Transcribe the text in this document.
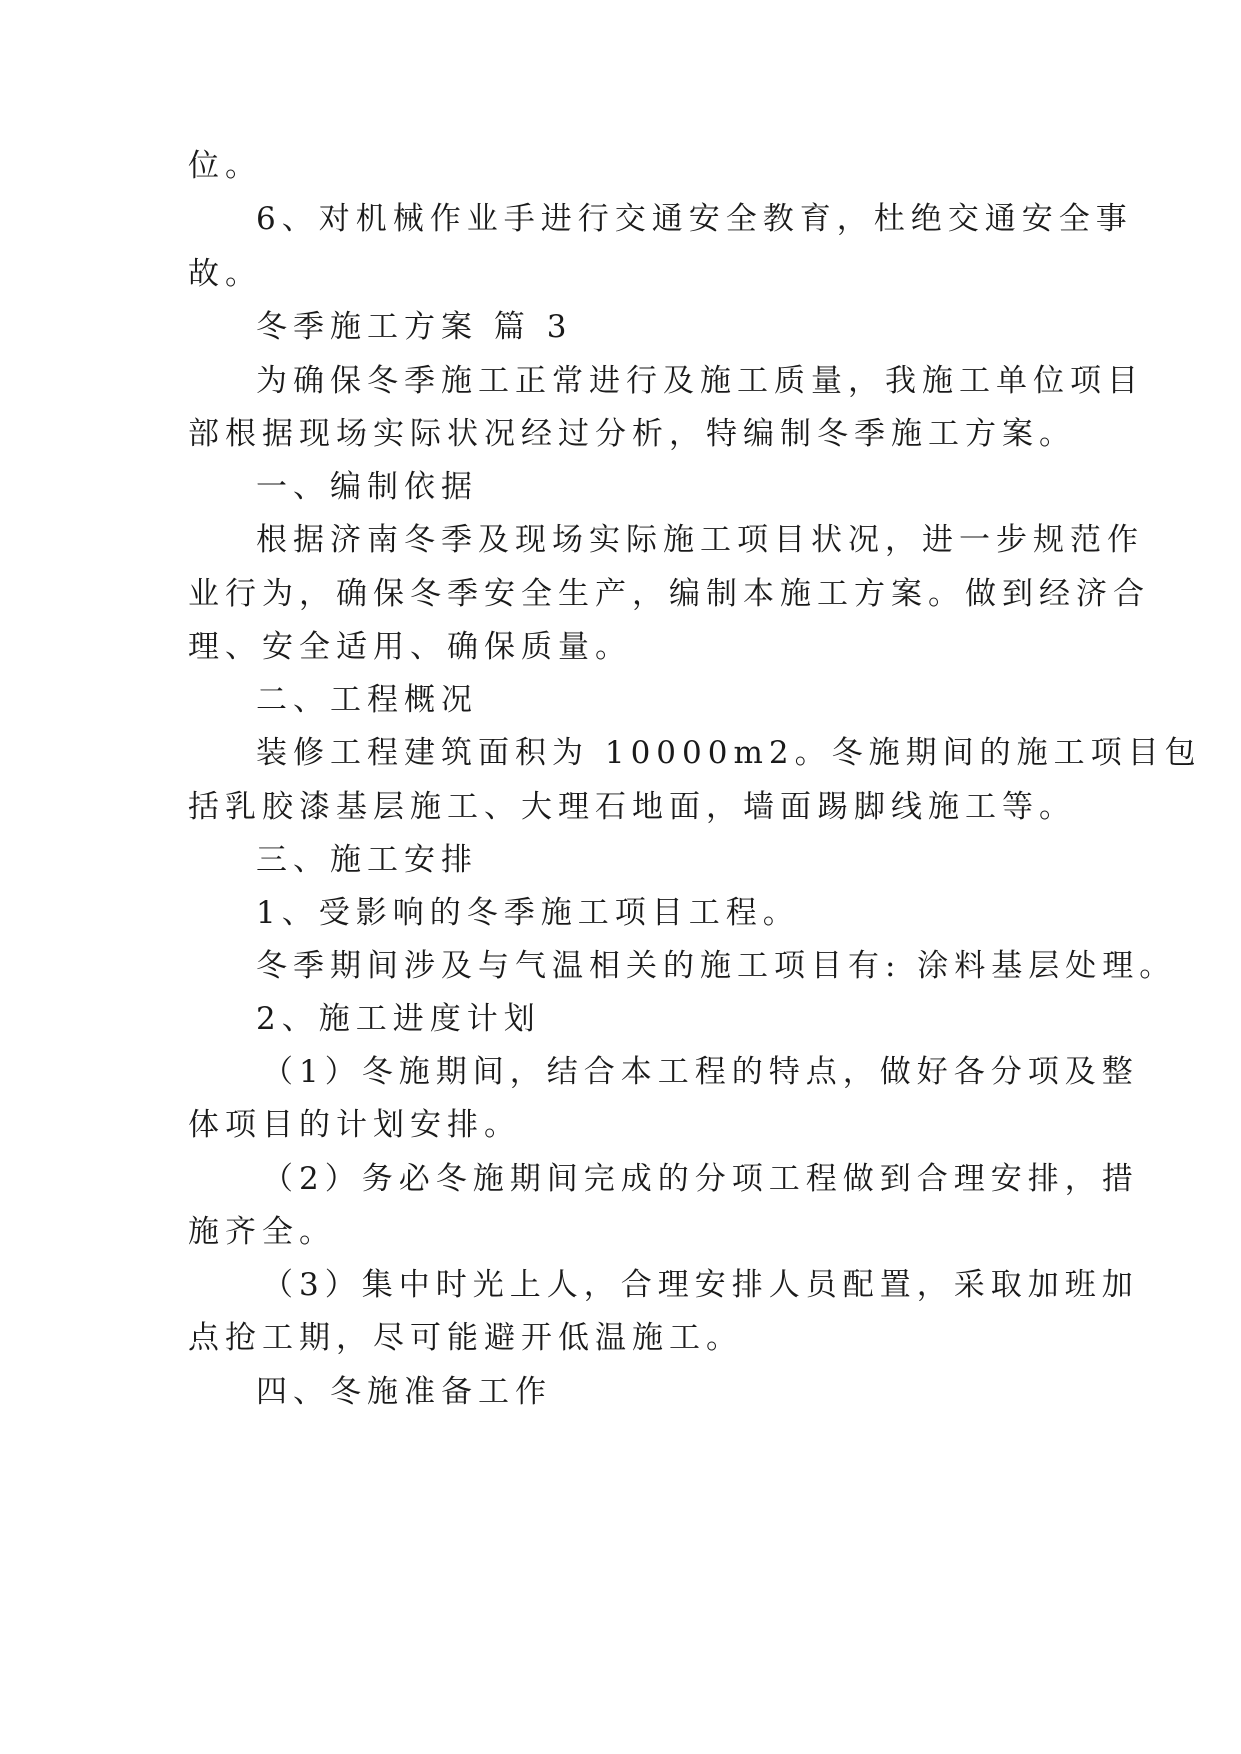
位。
6、对机械作业手进行交通安全教育，杜绝交通安全事
故。
冬季施工方案 篇 3
为确保冬季施工正常进行及施工质量，我施工单位项目
部根据现场实际状况经过分析，特编制冬季施工方案。
一、编制依据
根据济南冬季及现场实际施工项目状况，进一步规范作
业行为，确保冬季安全生产，编制本施工方案。做到经济合
理、安全适用、确保质量。
二、工程概况
装修工程建筑面积为 10000m2。冬施期间的施工项目包
括乳胶漆基层施工、大理石地面，墙面踢脚线施工等。
三、施工安排
1、受影响的冬季施工项目工程。
冬季期间涉及与气温相关的施工项目有: 涂料基层处理。
2、施工进度计划
（1）冬施期间，结合本工程的特点，做好各分项及整
体项目的计划安排。
（2）务必冬施期间完成的分项工程做到合理安排，措
施齐全。
（3）集中时光上人，合理安排人员配置，采取加班加
点抢工期，尽可能避开低温施工。
四、冬施准备工作
